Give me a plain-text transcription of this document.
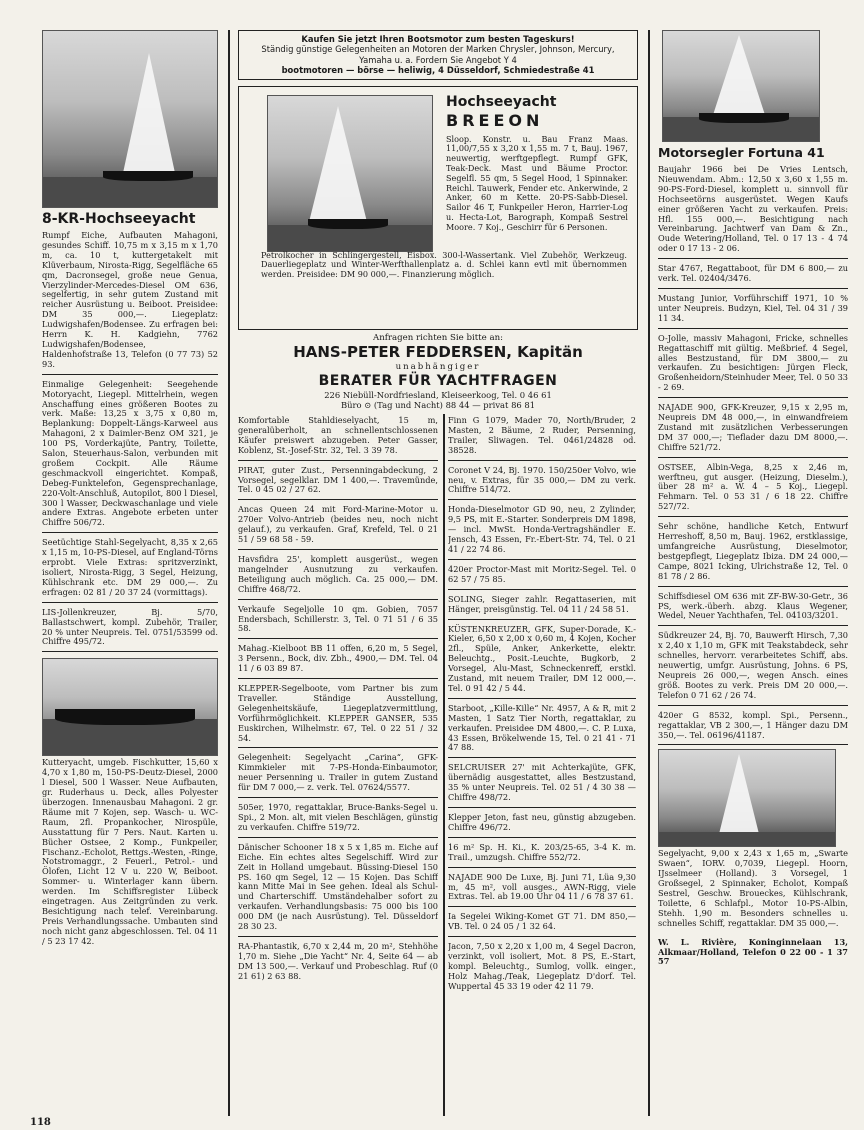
8-KR-Hochseeyacht
Rumpf Eiche, Aufbauten Mahagoni, gesundes Schiff. 10,75 m x 3,15 m x 1,70 m, ca. 10 t, kuttergetakelt mit Klüverbaum, Nirosta-Rigg, Segelfläche 65 qm, Dacronsegel, große neue Genua, Vierzylinder-Mercedes-Diesel OM 636, segelfertig, in sehr gutem Zustand mit reicher Ausrüstung u. Beiboot. Preisidee: DM 35 000,—. Liegeplatz: Ludwigshafen/Bodensee. Zu erfragen bei: Herrn K. H. Kadgiehn, 7762 Ludwigshafen/Bodensee, Haldenhofstraße 13, Telefon (0 77 73) 52 93.
Einmalige Gelegenheit: Seegehende Motoryacht, Liegepl. Mittelrhein, wegen Anschaffung eines größeren Bootes zu verk. Maße: 13,25 x 3,75 x 0,80 m, Beplankung: Doppelt-Längs-Karweel aus Mahagoni, 2 x Daimler-Benz OM 321, je 100 PS, Vorderkajüte, Pantry, Toilette, Salon, Steuerhaus-Salon, verbunden mit großem Cockpit. Alle Räume geschmackvoll eingerichtet. Kompaß, Debeg-Funktelefon, Gegensprechanlage, 220-Volt-Anschluß, Autopilot, 800 l Diesel, 300 l Wasser, Deckwaschanlage und viele andere Extras. Angebote erbeten unter Chiffre 506/72.
Seetüchtige Stahl-Segelyacht, 8,35 x 2,65 x 1,15 m, 10-PS-Diesel, auf England-Törns erprobt. Viele Extras: spritzverzinkt, isoliert, Nirosta-Rigg, 3 Segel, Heizung, Kühlschrank etc. DM 29 000,—. Zu erfragen: 02 81 / 20 37 24 (vormittags).
LIS-Jollenkreuzer, Bj. 5/70, Ballastschwert, kompl. Zubehör, Trailer, 20 % unter Neupreis. Tel. 0751/53599 od. Chiffre 495/72.
Kutteryacht, umgeb. Fischkutter, 15,60 x 4,70 x 1,80 m, 150-PS-Deutz-Diesel, 2000 l Diesel, 500 l Wasser. Neue Aufbauten, gr. Ruderhaus u. Deck, alles Polyester überzogen. Innenausbau Mahagoni. 2 gr. Räume mit 7 Kojen, sep. Wasch- u. WC-Raum, 2fl. Propankocher, Nirospüle, Ausstattung für 7 Pers. Naut. Karten u. Bücher Ostsee, 2 Komp., Funkpeiler, Fischanz.-Echolot, Rettgs.-Westen, -Ringe, Notstromaggr., 2 Feuerl., Petrol.- und Ölofen, Licht 12 V u. 220 W, Beiboot. Sommer- u. Winterlager kann übern. werden. Im Schiffsregister Lübeck eingetragen. Aus Zeitgründen zu verk. Besichtigung nach telef. Vereinbarung. Preis Verhandlungssache. Umbauten sind noch nicht ganz abgeschlossen. Tel. 04 11 / 5 23 17 42.
Kaufen Sie jetzt Ihren Bootsmotor zum besten Tageskurs!
Ständig günstige Gelegenheiten an Motoren der Marken Chrysler, Johnson, Mercury, Yamaha u. a. Fordern Sie Angebot Y 4
bootmotoren — börse — heliwig, 4 Düsseldorf, Schmiedestraße 41
Hochseeyacht
BREEON
Sloop. Konstr. u. Bau Franz Maas. 11,00/7,55 x 3,20 x 1,55 m. 7 t, Bauj. 1967, neuwertig, werftgepflegt. Rumpf GFK, Teak-Deck. Mast und Bäume Proctor. Segelfl. 55 qm, 5 Segel Hood, 1 Spinnaker. Reichl. Tauwerk, Fender etc. Ankerwinde, 2 Anker, 60 m Kette. 20-PS-Sabb-Diesel. Sailor 46 T, Funkpeiler Heron, Harrier-Log u. Hecta-Lot, Barograph, Kompaß Sestrel Moore. 7 Koj., Geschirr für 6 Personen.
Petrolkocher in Schlingergestell, Eisbox. 300-l-Wassertank. Viel Zubehör, Werkzeug. Dauerliegeplatz und Winter-Werfthallenplatz a. d. Schlei kann evtl mit übernommen werden. Preisidee: DM 90 000,—. Finanzierung möglich.
Anfragen richten Sie bitte an:
HANS-PETER FEDDERSEN, Kapitän
unabhängiger
BERATER FÜR YACHTFRAGEN
226 Niebüll-Nordfriesland, Kleiseerkoog, Tel. 0 46 61
Büro ⊙ (Tag und Nacht) 88 44 — privat 86 81
Komfortable Stahldieselyacht, 15 m, generalüberholt, an schnellentschlossenen Käufer preiswert abzugeben. Peter Gasser, Koblenz, St.-Josef-Str. 32, Tel. 3 39 78.
PIRAT, guter Zust., Persenningabdeckung, 2 Vorsegel, segelklar. DM 1 400,—. Travemünde, Tel. 0 45 02 / 27 62.
Ancas Queen 24 mit Ford-Marine-Motor u. 270er Volvo-Antrieb (beides neu, noch nicht gelauf.), zu verkaufen. Graf, Krefeld, Tel. 0 21 51 / 59 68 58 - 59.
Havsfidra 25', komplett ausgerüst., wegen mangelnder Ausnutzung zu verkaufen. Beteiligung auch möglich. Ca. 25 000,— DM. Chiffre 468/72.
Verkaufe Segeljolle 10 qm. Gobien, 7057 Endersbach, Schillerstr. 3, Tel. 0 71 51 / 6 35 58.
Mahag.-Kielboot BB 11 offen, 6,20 m, 5 Segel, 3 Persenn., Bock, div. Zbh., 4900,— DM. Tel. 04 11 / 6 03 89 87.
KLEPPER-Segelboote, vom Partner bis zum Traveller. Ständige Ausstellung, Gelegenheitskäufe, Liegeplatzvermittlung, Vorführmöglichkeit. KLEPPER GANSER, 535 Euskirchen, Wilhelmstr. 67, Tel. 0 22 51 / 32 54.
Gelegenheit: Segelyacht „Carina“, GFK-Kimmkieler mit 7-PS-Honda-Einbaumotor, neuer Persenning u. Trailer in gutem Zustand für DM 7 000,— z. verk. Tel. 07624/5577.
505er, 1970, regattaklar, Bruce-Banks-Segel u. Spi., 2 Mon. alt, mit vielen Beschlägen, günstig zu verkaufen. Chiffre 519/72.
Dänischer Schooner 18 x 5 x 1,85 m. Eiche auf Eiche. Ein echtes altes Segelschiff. Wird zur Zeit in Holland umgebaut. Büssing-Diesel 150 PS. 160 qm Segel, 12 — 15 Kojen. Das Schiff kann Mitte Mai in See gehen. Ideal als Schul- und Charterschiff. Umständehalber sofort zu verkaufen. Verhandlungsbasis: 75 000 bis 100 000 DM (je nach Ausrüstung). Tel. Düsseldorf 28 30 23.
RA-Phantastik, 6,70 x 2,44 m, 20 m², Stehhöhe 1,70 m. Siehe „Die Yacht“ Nr. 4, Seite 64 — ab DM 13 500,—. Verkauf und Probeschlag. Ruf (0 21 61) 2 63 88.
Finn G 1079, Mader 70, North/Bruder, 2 Masten, 2 Bäume, 2 Ruder, Persenning, Trailer, Sliwagen. Tel. 0461/24828 od. 38528.
Coronet V 24, Bj. 1970. 150/250er Volvo, wie neu, v. Extras, für 35 000,— DM zu verk. Chiffre 514/72.
Honda-Dieselmotor GD 90, neu, 2 Zylinder, 9,5 PS, mit E.-Starter. Sonderpreis DM 1898,— incl. MwSt. Honda-Vertragshändler E. Jensch, 43 Essen, Fr.-Ebert-Str. 74, Tel. 0 21 41 / 22 74 86.
420er Proctor-Mast mit Moritz-Segel. Tel. 0 62 57 / 75 85.
SOLING, Sieger zahlr. Regattaserien, mit Hänger, preisgünstig. Tel. 04 11 / 24 58 51.
KÜSTENKREUZER, GFK, Super-Dorade, K.-Kieler, 6,50 x 2,00 x 0,60 m, 4 Kojen, Kocher 2fl., Spüle, Anker, Ankerkette, elektr. Beleuchtg., Posit.-Leuchte, Bugkorb, 2 Vorsegel, Alu-Mast, Schneckenreff, erstkl. Zustand, mit neuem Trailer, DM 12 000,—. Tel. 0 91 42 / 5 44.
Starboot, „Kille-Kille“ Nr. 4957, A & R, mit 2 Masten, 1 Satz Tier North, regattaklar, zu verkaufen. Preisidee DM 4800,—. C. P. Luxa, 43 Essen, Brökelwende 15, Tel. 0 21 41 - 71 47 88.
SELCRUISER 27' mit Achterkajüte, GFK, übernädig ausgestattet, alles Bestzustand, 35 % unter Neupreis. Tel. 02 51 / 4 30 38 — Chiffre 498/72.
Klepper Jeton, fast neu, günstig abzugeben. Chiffre 496/72.
16 m² Sp. H. Ki., K. 203/25-65, 3-4 K. m. Trail., umzugsh. Chiffre 552/72.
NAJADE 900 De Luxe, Bj. Juni 71, Lüa 9,30 m, 45 m², voll ausges., AWN-Rigg, viele Extras. Tel. ab 19.00 Uhr 04 11 / 6 78 37 61.
Ia Segelei Wiking-Komet GT 71. DM 850,— VB. Tel. 0 24 05 / 1 32 64.
Jacon, 7,50 x 2,20 x 1,00 m, 4 Segel Dacron, verzinkt, voll isoliert, Mot. 8 PS, E.-Start, kompl. Beleuchtg., Sumlog, vollk. einger., Holz Mahag./Teak, Liegeplatz D'dorf. Tel. Wuppertal 45 33 19 oder 42 11 79.
Motorsegler Fortuna 41
Baujahr 1966 bei De Vries Lentsch, Nieuwendam. Abm.: 12,50 x 3,60 x 1,55 m. 90-PS-Ford-Diesel, komplett u. sinnvoll für Hochseetörns ausgerüstet. Wegen Kaufs einer größeren Yacht zu verkaufen. Preis: Hfl. 155 000,—. Besichtigung nach Vereinbarung. Jachtwerf van Dam & Zn., Oude Wetering/Holland, Tel. 0 17 13 - 4 74 oder 0 17 13 - 2 06.
Star 4767, Regattaboot, für DM 6 800,— zu verk. Tel. 02404/3476.
Mustang Junior, Vorführschiff 1971, 10 % unter Neupreis. Budzyn, Kiel, Tel. 04 31 / 39 11 34.
O-Jolle, massiv Mahagoni, Fricke, schnelles Regattaschiff mit gültig. Meßbrief. 4 Segel, alles Bestzustand, für DM 3800,— zu verkaufen. Zu besichtigen: Jürgen Fleck, Großenheidorn/Steinhuder Meer, Tel. 0 50 33 - 2 69.
NAJADE 900, GFK-Kreuzer, 9,15 x 2,95 m, Neupreis DM 48 000,—, in einwandfreiem Zustand mit zusätzlichen Verbesserungen DM 37 000,—; Tieflader dazu DM 8000,—. Chiffre 521/72.
OSTSEE, Albin-Vega, 8,25 x 2,46 m, werftneu, gut ausger. (Heizung, Dieselm.), über 28 m² a. W. 4 – 5 Koj., Liegepl. Fehmarn. Tel. 0 53 31 / 6 18 22. Chiffre 527/72.
Sehr schöne, handliche Ketch, Entwurf Herreshoff, 8,50 m, Bauj. 1962, erstklassige, umfangreiche Ausrüstung, Dieselmotor, bestgepflegt, Liegeplatz Ibiza. DM 24 000,— Campe, 8021 Icking, Ulrichstraße 12, Tel. 0 81 78 / 2 86.
Schiffsdiesel OM 636 mit ZF-BW-30-Getr., 36 PS, werk.-überh. abzg. Klaus Wegener, Wedel, Neuer Yachthafen, Tel. 04103/3201.
Südkreuzer 24, Bj. 70, Bauwerft Hirsch, 7,30 x 2,40 x 1,10 m, GFK mit Teakstabdeck, sehr schnelles, hervorr. verarbeitetes Schiff, abs. neuwertig, umfgr. Ausrüstung, Johns. 6 PS, Neupreis 26 000,—, wegen Ansch. eines größ. Bootes zu verk. Preis DM 20 000,—. Telefon 0 71 62 / 26 74.
420er G 8532, kompl. Spi., Persenn., regattaklar, VB 2 300,—, 1 Hänger dazu DM 350,—. Tel. 06196/41187.
Segelyacht, 9,00 x 2,43 x 1,65 m, „Swarte Swaen“, IORV. 0,7039, Liegepl. Hoorn, IJsselmeer (Holland). 3 Vorsegel, 1 Großsegel, 2 Spinnaker, Echolot, Kompaß Sestrel, Geschw. Broueckes, Kühlschrank, Toilette, 6 Schlafpl., Motor 10-PS-Albin, Stehh. 1,90 m. Besonders schnelles u. schnelles Schiff, regattaklar. DM 35 000,—.
W. L. Rivière, Koninginnelaan 13, Alkmaar/Holland, Telefon 0 22 00 - 1 37 57
118
